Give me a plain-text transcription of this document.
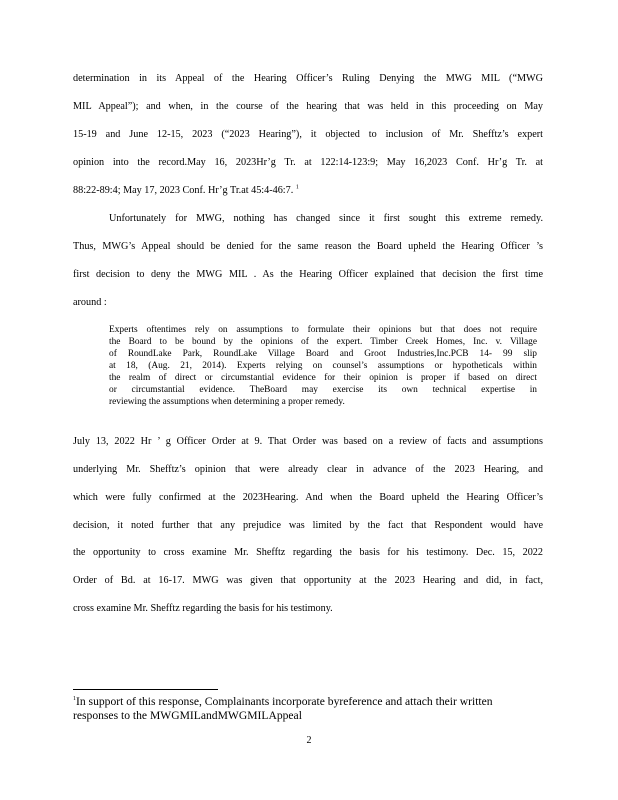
determination in its Appeal of the Hearing Officer’s Ruling Denying the MWG MIL (“MWG
MIL Appeal”); and when, in the course of the hearing that was held in this proceeding on May
15-19 and June 12-15, 2023 (“2023 Hearing”), it objected to inclusion of Mr. Shefftz’s expert
opinion into the record.May 16, 2023Hr’g Tr. at 122:14-123:9; May 16,2023 Conf. Hr’g Tr. at
88:22-89:4; May 17, 2023 Conf. Hr’g Tr.at 45:4-46:7. $^1$
Unfortunately for MWG, nothing has changed since it first sought this extreme remedy.
Thus, MWG’s Appeal should be denied for the same reason the Board upheld the Hearing Officer ’s
first decision to deny the MWG MIL . As the Hearing Officer explained that decision the first time
around :
Experts oftentimes rely on assumptions to formulate their opinions but that does not require
the Board to be bound by the opinions of the expert. Timber Creek Homes, Inc. v. Village
of RoundLake Park, RoundLake Village Board and Groot Industries,Inc.PCB 14- 99 slip
at 18, (Aug. 21, 2014). Experts relying on counsel’s assumptions or hypotheticals within
the realm of direct or circumstantial evidence for their opinion is proper if based on direct
or circumstantial evidence. TheBoard may exercise its own technical expertise in
reviewing the assumptions when determining a proper remedy.
July 13, 2022 Hr ’ g Officer Order at 9. That Order was based on a review of facts and assumptions
underlying Mr. Shefftz’s opinion that were already clear in advance of the 2023 Hearing, and
which were fully confirmed at the 2023Hearing. And when the Board upheld the Hearing Officer’s
decision, it noted further that any prejudice was limited by the fact that Respondent would have
the opportunity to cross examine Mr. Shefftz regarding the basis for his testimony. Dec. 15, 2022
Order of Bd. at 16-17. MWG was given that opportunity at the 2023 Hearing and did, in fact,
cross examine Mr. Shefftz regarding the basis for his testimony.
$^1$In support of this response, Complainants incorporate byreference and attach their written
responses to the MWGMILandMWGMILAppeal
2
